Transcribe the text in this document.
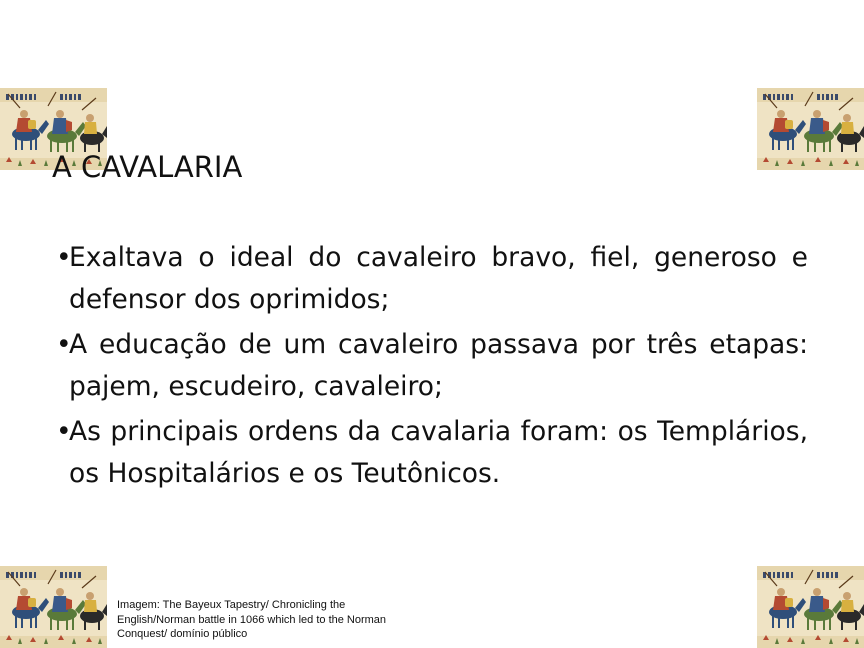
A CAVALARIA
•
Exaltava o ideal do cavaleiro bravo, fiel, generoso e defensor dos oprimidos;
•
A educação de um cavaleiro passava por três etapas: pajem, escudeiro, cavaleiro;
•
As principais ordens da cavalaria foram: os Templários, os Hospitalários e os Teutônicos.

Imagem: The Bayeux Tapestry/ Chronicling the English/Norman battle in 1066 which led to the Norman Conquest/ domínio público
